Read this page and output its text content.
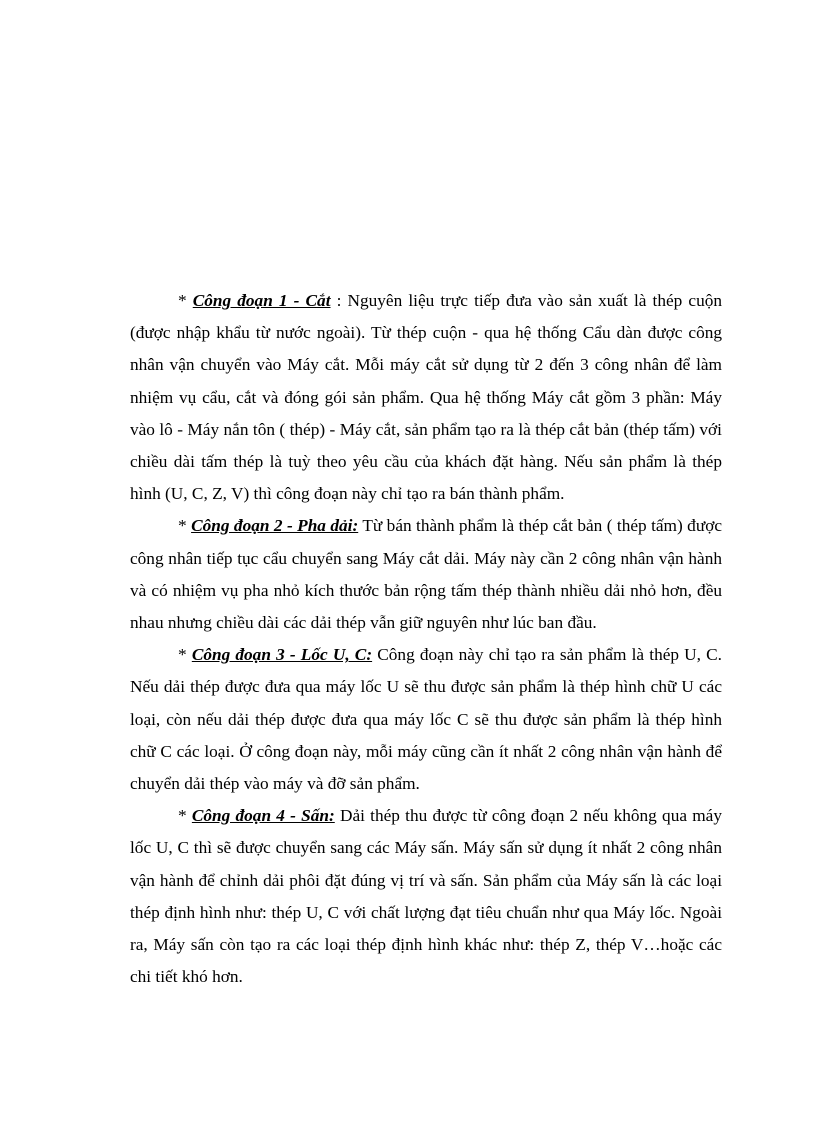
* Công đoạn 1 - Cắt : Nguyên liệu trực tiếp đưa vào sản xuất là thép cuộn (được nhập khẩu từ nước ngoài). Từ thép cuộn - qua hệ thống Cẩu dàn được công nhân vận chuyển vào Máy cắt. Mỗi máy cắt sử dụng từ 2 đến 3 công nhân để làm nhiệm vụ cẩu, cắt và đóng gói sản phẩm. Qua hệ thống Máy cắt gồm 3 phần: Máy vào lô - Máy nắn tôn ( thép) - Máy cắt, sản phẩm tạo ra là thép cắt bản (thép tấm) với chiều dài tấm thép là tuỳ theo yêu cầu của khách đặt hàng. Nếu sản phẩm là thép hình (U, C, Z, V) thì công đoạn này chỉ tạo ra bán thành phẩm.

* Công đoạn 2 - Pha dải: Từ bán thành phẩm là thép cắt bản ( thép tấm) được công nhân tiếp tục cẩu chuyển sang Máy cắt dải. Máy này cần 2 công nhân vận hành và có nhiệm vụ pha nhỏ kích thước bản rộng tấm thép thành nhiều dải nhỏ hơn, đều nhau nhưng chiều dài các dải thép vẫn giữ nguyên như lúc ban đầu.

* Công đoạn 3 - Lốc U, C: Công đoạn này chỉ tạo ra sản phẩm là thép U, C. Nếu dải thép được đưa qua máy lốc U sẽ thu được sản phẩm là thép hình chữ U các loại, còn nếu dải thép được đưa qua máy lốc C sẽ thu được sản phẩm là thép hình chữ C các loại. Ở công đoạn này, mỗi máy cũng cần ít nhất 2 công nhân vận hành để chuyển dải thép vào máy và đỡ sản phẩm.

* Công đoạn 4 - Sấn: Dải thép thu được từ công đoạn 2 nếu không qua máy lốc U, C thì sẽ được chuyển sang các Máy sấn. Máy sấn sử dụng ít nhất 2 công nhân vận hành để chỉnh dải phôi đặt đúng vị trí và sấn. Sản phẩm của Máy sấn là các loại thép định hình như: thép U, C với chất lượng đạt tiêu chuẩn như qua Máy lốc. Ngoài ra, Máy sấn còn tạo ra các loại thép định hình khác như: thép Z, thép V…hoặc các chi tiết khó hơn.
